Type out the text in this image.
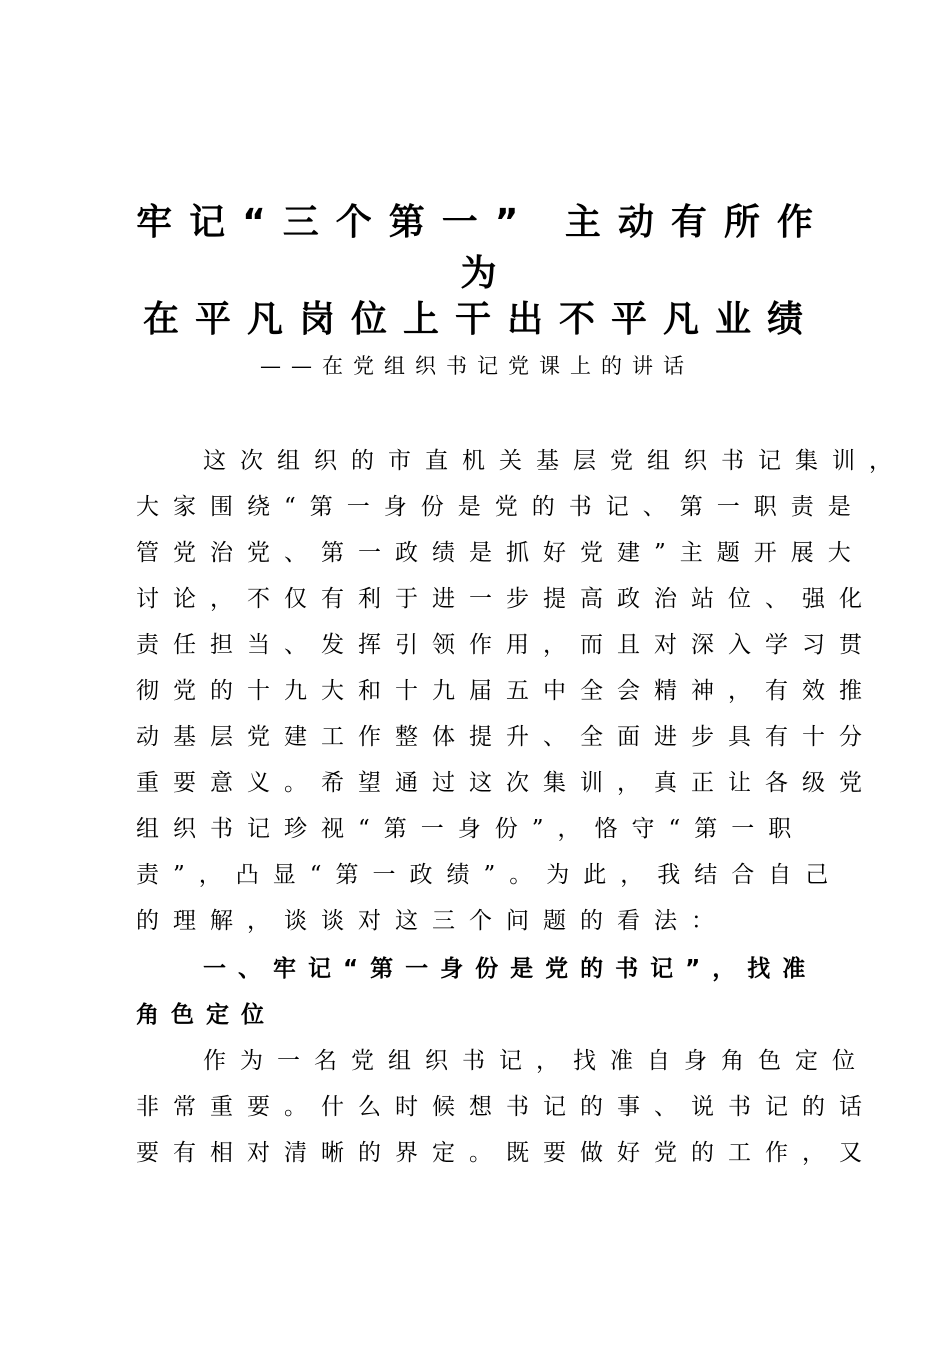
牢记“三个第一” 主动有所作
为
在平凡岗位上干出不平凡业绩
——在党组织书记党课上的讲话
这次组织的市直机关基层党组织书记集训，
大家围绕“第一身份是党的书记、第一职责是
管党治党、第一政绩是抓好党建”主题开展大
讨论，不仅有利于进一步提高政治站位、强化
责任担当、发挥引领作用，而且对深入学习贯
彻党的十九大和十九届五中全会精神，有效推
动基层党建工作整体提升、全面进步具有十分
重要意义。希望通过这次集训，真正让各级党
组织书记珍视“第一身份”，恪守“第一职
责”，凸显“第一政绩”。为此，我结合自己
的理解，谈谈对这三个问题的看法：
一、牢记“第一身份是党的书记”，找准
角色定位
作为一名党组织书记，找准自身角色定位
非常重要。什么时候想书记的事、说书记的话
要有相对清晰的界定。既要做好党的工作，又
